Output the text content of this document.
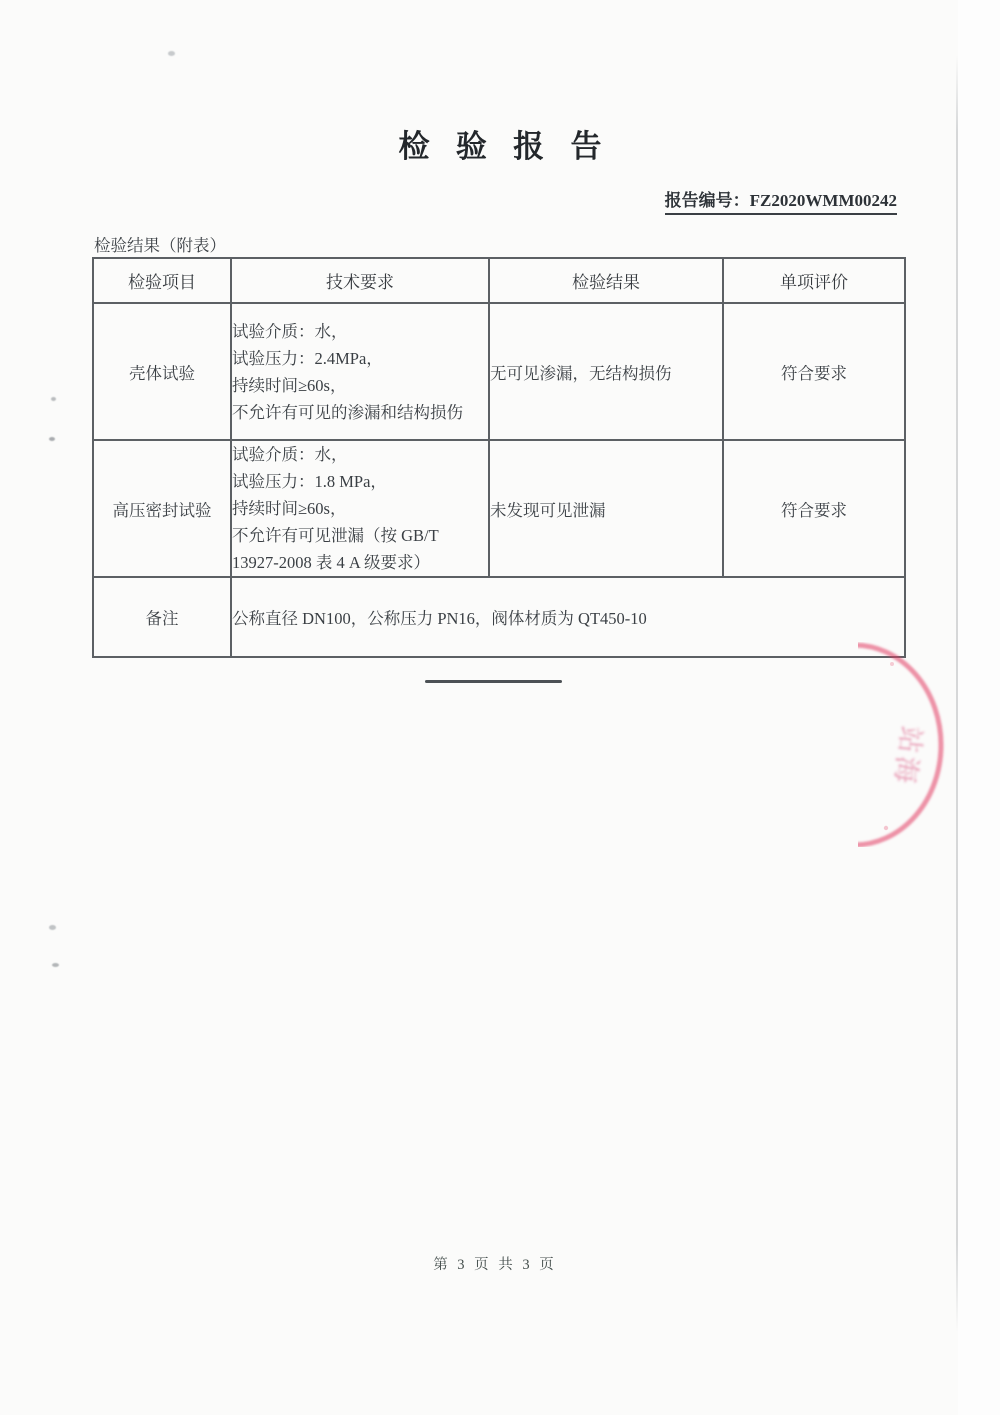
检验报告
报告编号：FZ2020WMM00242
检验结果（附表）
检验项目	技术要求	检验结果	单项评价
壳体试验	试验介质：水，
试验压力：2.4MPa，
持续时间≥60s，
不允许有可见的渗漏和结构损伤	无可见渗漏，无结构损伤	符合要求
高压密封试验	试验介质：水，
试验压力：1.8 MPa，
持续时间≥60s，
不允许有可见泄漏（按 GB/T
13927-2008 表 4 A 级要求）	未发现可见泄漏	符合要求
备注	公称直径 DN100，公称压力 PN16，阀体材质为 QT450-10		
站
海
第 3 页 共 3 页
